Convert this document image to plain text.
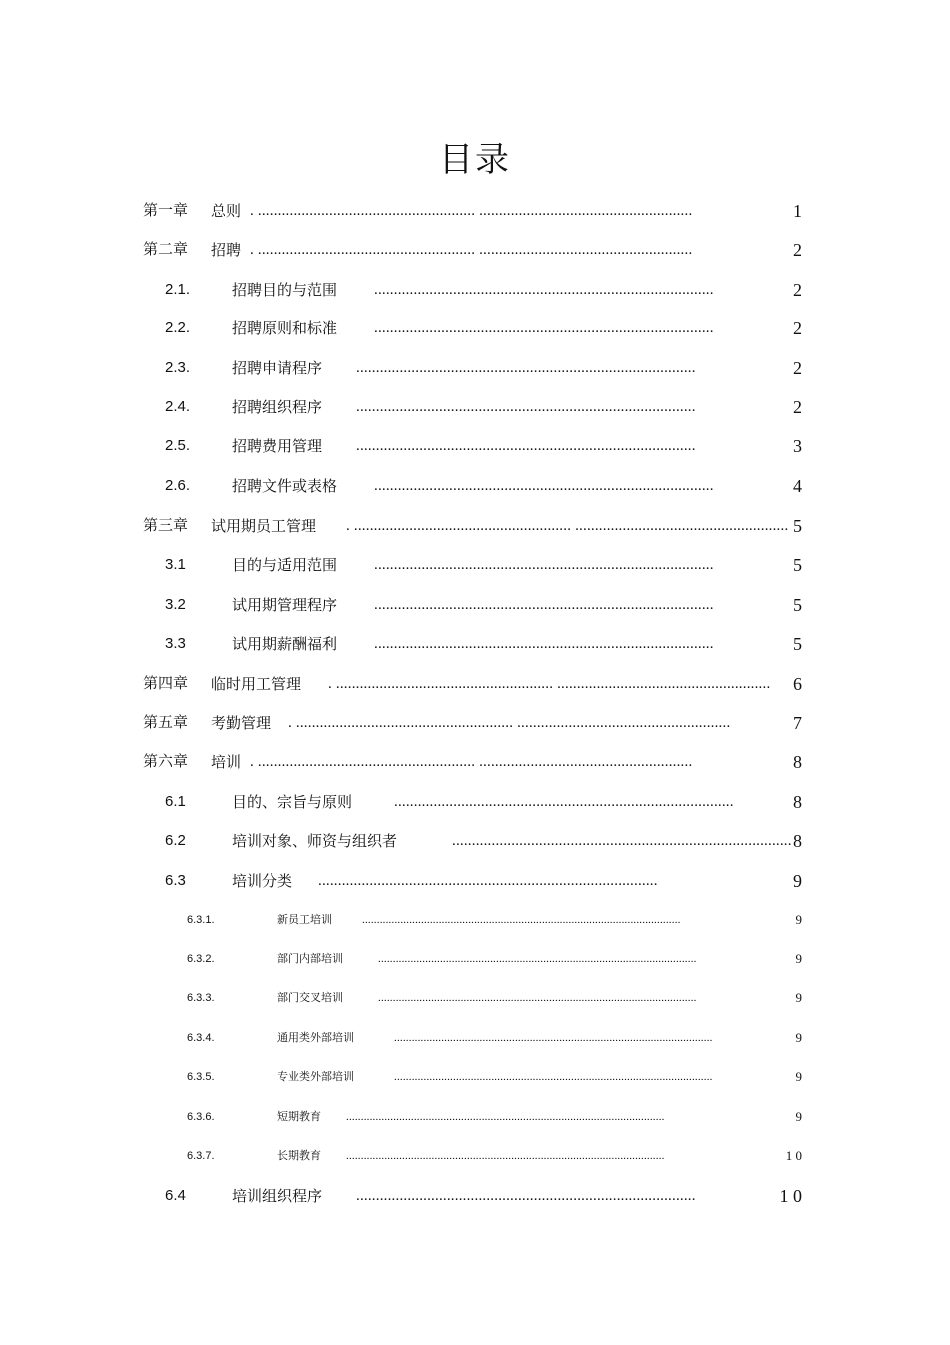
目录
第一章 总则 . ....................................................... ......................................................	1
第二章 招聘 . ....................................................... ......................................................	2
2.1.	招聘目的与范围 ......................................................................................	2
2.2.	招聘原则和标准 ......................................................................................	2
2.3.	招聘申请程序 ......................................................................................	2
2.4.	招聘组织程序 ......................................................................................	2
2.5.	招聘费用管理 ......................................................................................	3
2.6.	招聘文件或表格 ......................................................................................	4
第三章 试用期员工管理 . ....................................................... ...................................................... 5
3.1	目的与适用范围 ......................................................................................	5
3.2	试用期管理程序 ......................................................................................	5
3.3	试用期薪酬福利 ......................................................................................	5
第四章 临时用工管理 . ....................................................... ...................................................... 6
第五章 考勤管理 . ....................................................... ......................................................	7
第六章 培训 . ....................................................... ......................................................	8
6.1	目的、宗旨与原则	......................................................................................	8
6.2	培训对象、师资与组织者	...................................................................................... 8
6.3	培训分类 ......................................................................................	9
6.3.1.	新员工培训	............................................................................................................	9
6.3.2.	部门内部培训	............................................................................................................	9
6.3.3.	部门交叉培训	............................................................................................................	9
6.3.4.	通用类外部培训	............................................................................................................	9
6.3.5.	专业类外部培训	............................................................................................................	9
6.3.6.	短期教育 ............................................................................................................	9
6.3.7.	长期教育 ............................................................................................................	1 0
6.4	培训组织程序 ......................................................................................	1 0
